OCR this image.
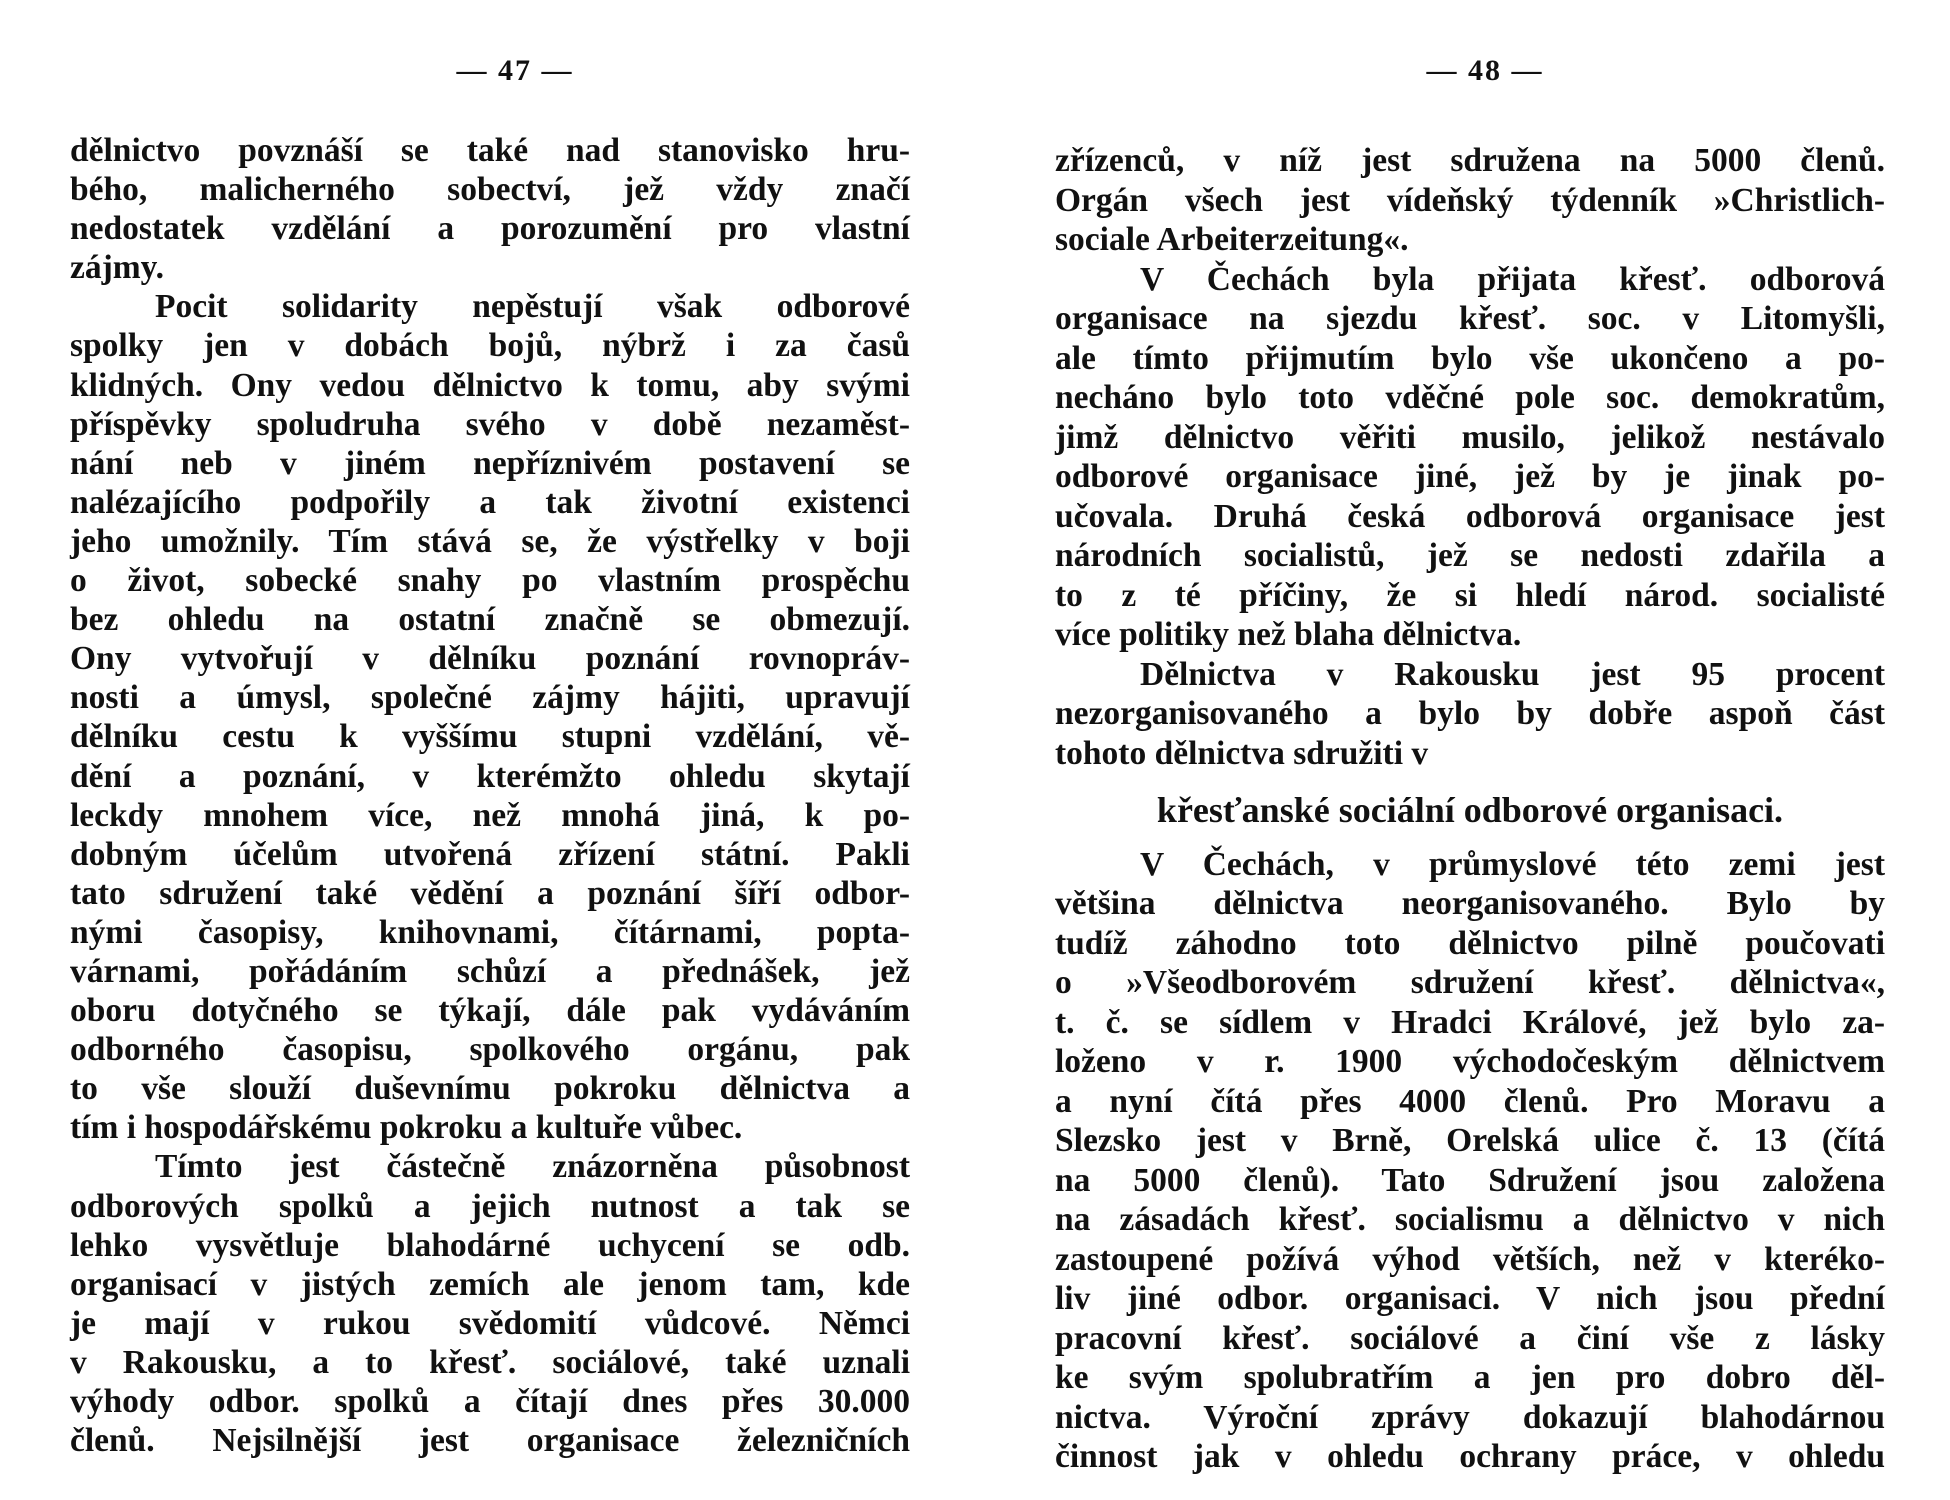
— 47 —
dělnictvo povznáší se také nad stanovisko hru-
bého, malicherného sobectví, jež vždy značí
nedostatek vzdělání a porozumění pro vlastní
zájmy.
Pocit solidarity nepěstují však odborové
spolky jen v dobách bojů, nýbrž i za časů
klidných. Ony vedou dělnictvo k tomu, aby svými
příspěvky spoludruha svého v době nezaměst-
nání neb v jiném nepříznivém postavení se
nalézajícího podpořily a tak životní existenci
jeho umožnily. Tím stává se, že výstřelky v boji
o život, sobecké snahy po vlastním prospěchu
bez ohledu na ostatní značně se obmezují.
Ony vytvořují v dělníku poznání rovnopráv-
nosti a úmysl, společné zájmy hájiti, upravují
dělníku cestu k vyššímu stupni vzdělání, vě-
dění a poznání, v kterémžto ohledu skytají
leckdy mnohem více, než mnohá jiná, k po-
dobným účelům utvořená zřízení státní. Pakli
tato sdružení také vědění a poznání šíří odbor-
nými časopisy, knihovnami, čítárnami, popta-
várnami, pořádáním schůzí a přednášek, jež
oboru dotyčného se týkají, dále pak vydáváním
odborného časopisu, spolkového orgánu, pak
to vše slouží duševnímu pokroku dělnictva a
tím i hospodářskému pokroku a kultuře vůbec.
Tímto jest částečně znázorněna působnost
odborových spolků a jejich nutnost a tak se
lehko vysvětluje blahodárné uchycení se odb.
organisací v jistých zemích ale jenom tam, kde
je mají v rukou svědomití vůdcové. Němci
v Rakousku, a to křesť. sociálové, také uznali
výhody odbor. spolků a čítají dnes přes 30.000
členů. Nejsilnější jest organisace železničních
— 48 —
zřízenců, v níž jest sdružena na 5000 členů.
Orgán všech jest vídeňský týdenník »Christlich-
sociale Arbeiterzeitung«.
V Čechách byla přijata křesť. odborová
organisace na sjezdu křesť. soc. v Litomyšli,
ale tímto přijmutím bylo vše ukončeno a po-
necháno bylo toto vděčné pole soc. demokratům,
jimž dělnictvo věřiti musilo, jelikož nestávalo
odborové organisace jiné, jež by je jinak po-
učovala. Druhá česká odborová organisace jest
národních socialistů, jež se nedosti zdařila a
to z té příčiny, že si hledí národ. socialisté
více politiky než blaha dělnictva.
Dělnictva v Rakousku jest 95 procent
nezorganisovaného a bylo by dobře aspoň část
tohoto dělnictva sdružiti v
křesťanské sociální odborové organisaci.
V Čechách, v průmyslové této zemi jest
většina dělnictva neorganisovaného. Bylo by
tudíž záhodno toto dělnictvo pilně poučovati
o »Všeodborovém sdružení křesť. dělnictva«,
t. č. se sídlem v Hradci Králové, jež bylo za-
loženo v r. 1900 východočeským dělnictvem
a nyní čítá přes 4000 členů. Pro Moravu a
Slezsko jest v Brně, Orelská ulice č. 13 (čítá
na 5000 členů). Tato Sdružení jsou založena
na zásadách křesť. socialismu a dělnictvo v nich
zastoupené požívá výhod větších, než v kteréko-
liv jiné odbor. organisaci. V nich jsou přední
pracovní křesť. sociálové a činí vše z lásky
ke svým spolubratřím a jen pro dobro děl-
nictva. Výroční zprávy dokazují blahodárnou
činnost jak v ohledu ochrany práce, v ohledu
